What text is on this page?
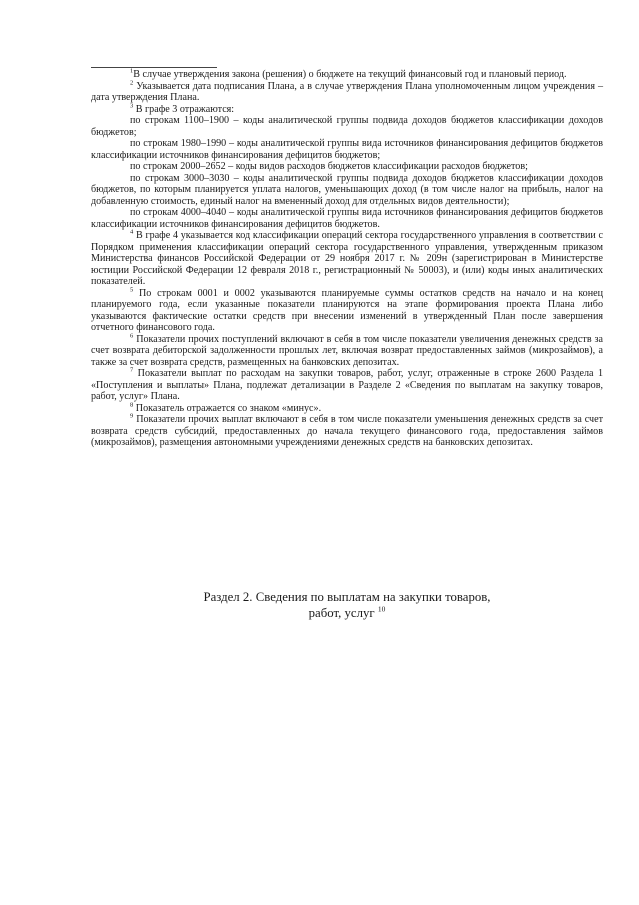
$^1$В случае утверждения закона (решения) о бюджете на текущий финансовый год и плановый период.

$^2$ Указывается дата подписания Плана, а в случае утверждения Плана уполномоченным лицом учреждения – дата утверждения Плана.

$^3$ В графе 3 отражаются:

по строкам 1100–1900 – коды аналитической группы подвида доходов бюджетов классификации доходов бюджетов;

по строкам 1980–1990 – коды аналитической группы вида источников финансирования дефицитов бюджетов классификации источников финансирования дефицитов бюджетов;

по строкам 2000–2652 – коды видов расходов бюджетов классификации расходов бюджетов;

по строкам 3000–3030 – коды аналитической группы подвида доходов бюджетов классификации доходов бюджетов, по которым планируется уплата налогов, уменьшающих доход (в том числе налог на прибыль, налог на добавленную стоимость, единый налог на вмененный доход для отдельных видов деятельности);

по строкам 4000–4040 – коды аналитической группы вида источников финансирования дефицитов бюджетов классификации источников финансирования дефицитов бюджетов.

$^4$ В графе 4 указывается код классификации операций сектора государственного управления в соответствии с Порядком применения классификации операций сектора государственного управления, утвержденным приказом Министерства финансов Российской Федерации от 29 ноября 2017 г. № 209н (зарегистрирован в Министерстве юстиции Российской Федерации 12 февраля 2018 г., регистрационный № 50003), и (или) коды иных аналитических показателей.

$^5$ По строкам 0001 и 0002 указываются планируемые суммы остатков средств на начало и на конец планируемого года, если указанные показатели планируются на этапе формирования проекта Плана либо указываются фактические остатки средств при внесении изменений в утвержденный План после завершения отчетного финансового года.

$^6$ Показатели прочих поступлений включают в себя в том числе показатели увеличения денежных средств за счет возврата дебиторской задолженности прошлых лет, включая возврат предоставленных займов (микрозаймов), а также за счет возврата средств, размещенных на банковских депозитах.

$^7$ Показатели выплат по расходам на закупки товаров, работ, услуг, отраженные в строке 2600 Раздела 1 «Поступления и выплаты» Плана, подлежат детализации в Разделе 2 «Сведения по выплатам на закупку товаров, работ, услуг» Плана.

$^8$ Показатель отражается со знаком «минус».

$^9$ Показатели прочих выплат включают в себя в том числе показатели уменьшения денежных средств за счет возврата средств субсидий, предоставленных до начала текущего финансового года, предоставления займов (микрозаймов), размещения автономными учреждениями денежных средств на банковских депозитах.

Раздел 2. Сведения по выплатам на закупки товаров,
работ, услуг $^{10}$
